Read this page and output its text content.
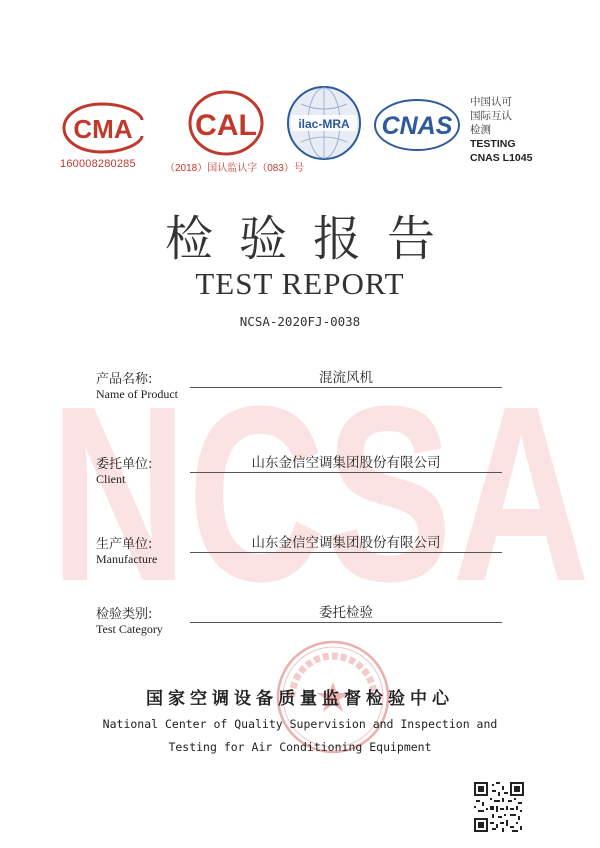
NCSA
CMA
160008280285
CAL
（2018）国认监认字（083）号
ilac-MRA CNAS
中国认可
国际互认
检测
TESTING
CNAS L1045
检验报告
TEST REPORT
NCSA-2020FJ-0038
产品名称:
Name of Product
混流风机
委托单位:
Client
山东金信空调集团股份有限公司
生产单位:
Manufacture
山东金信空调集团股份有限公司
检验类别:
Test Category
委托检验
国家空调设备质量监督检验中心
National Center of Quality Supervision and Inspection and
Testing for Air Conditioning Equipment
